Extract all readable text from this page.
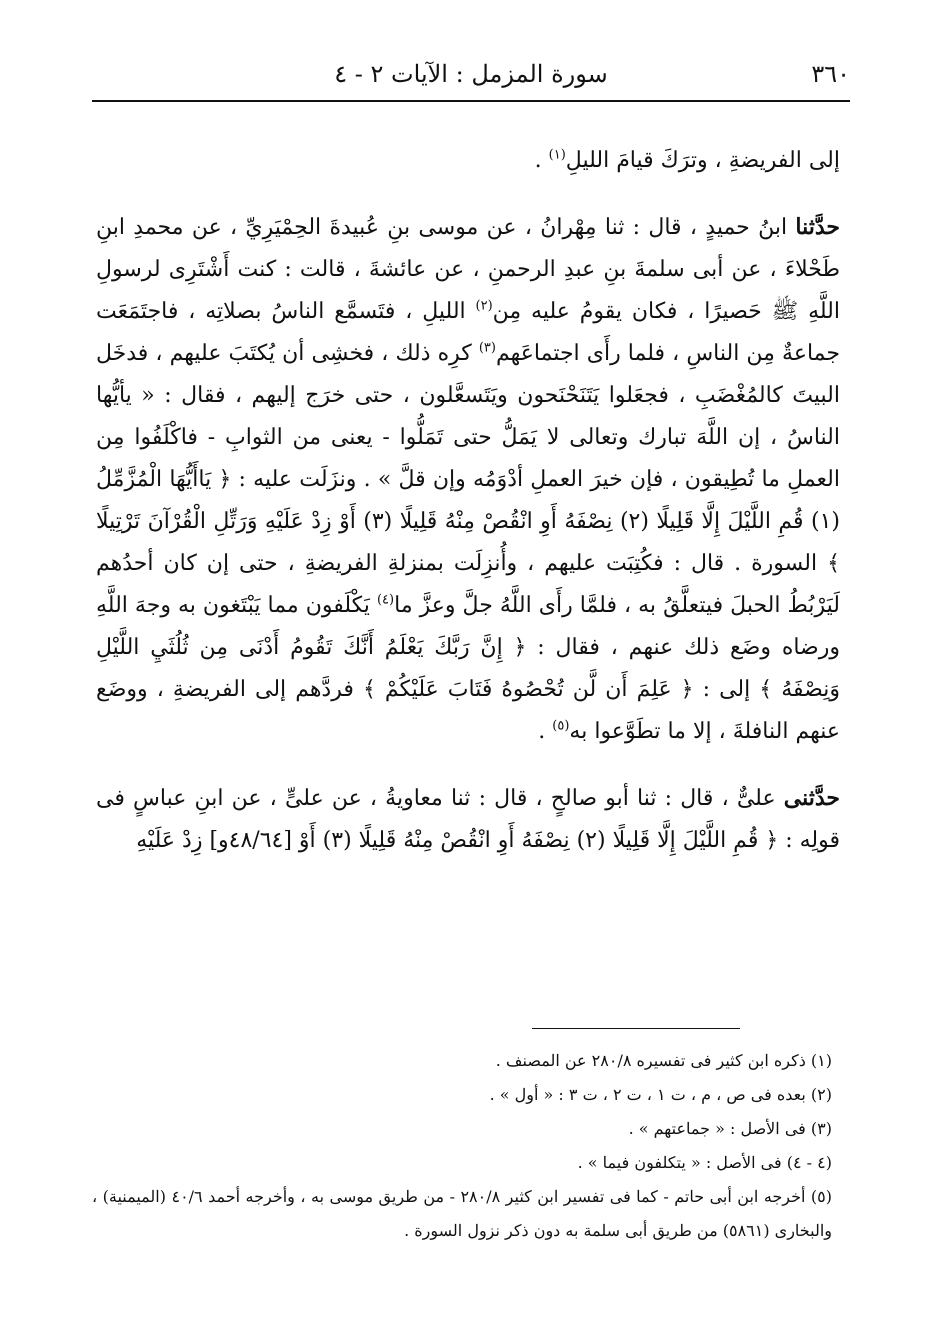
٣٦٠
سورة المزمل : الآيات ٢ - ٤

إلى الفريضةِ ، وترَكَ قيامَ الليلِ$^{(١)}$ .

حدَّثنا ابنُ حميدٍ ، قال : ثنا مِهْرانُ ، عن موسى بنِ عُبيدةَ الحِمْيَرِيِّ ، عن محمدِ ابنِ طَحْلاءَ ، عن أبى سلمةَ بنِ عبدِ الرحمنِ ، عن عائشةَ ، قالت : كنت أَشْتَرِى لرسولِ اللَّهِ ﷺ حَصيرًا ، فكان يقومُ عليه مِن$^{(٢)}$ الليلِ ، فتَسمَّع الناسُ بصلاتِه ، فاجتَمَعَت جماعةٌ مِن الناسِ ، فلما رأَى اجتماعَهم$^{(٣)}$ كرِه ذلك ، فخشِى أن يُكتَبَ عليهم ، فدخَل البيتَ كالمُغْضَبِ ، فجعَلوا يَتَنَحْنَحون ويَتَسعَّلون ، حتى خرَج إليهم ، فقال : « يأيُّها الناسُ ، إن اللَّهَ تبارك وتعالى لا يَمَلُّ حتى تَمَلُّوا - يعنى من الثوابِ - فاكْلَفُوا مِن العملِ ما تُطِيقون ، فإن خيرَ العملِ أدْوَمُه وإن قلَّ » . ونزَلَت عليه : ﴿ يَاأَيُّهَا الْمُزَّمِّلُ (١) قُمِ اللَّيْلَ إِلَّا قَلِيلًا (٢) نِصْفَهُ أَوِ انْقُصْ مِنْهُ قَلِيلًا (٣) أَوْ زِدْ عَلَيْهِ وَرَتِّلِ الْقُرْآنَ تَرْتِيلًا ﴾ السورة . قال : فكُتِبَت عليهم ، وأُنزِلَت بمنزلةِ الفريضةِ ، حتى إن كان أحدُهم لَيَرْبُطُ الحبلَ فيتعلَّقُ به ، فلمَّا رأَى اللَّهُ جلَّ وعزَّ ما$^{(٤)}$ يَكْلَفون مما يَبْتَغون به وجهَ اللَّهِ ورضاه وضَع ذلك عنهم ، فقال : ﴿ إِنَّ رَبَّكَ يَعْلَمُ أَنَّكَ تَقُومُ أَدْنَى مِن ثُلُثَيِ اللَّيْلِ وَنِصْفَهُ ﴾ إلى : ﴿ عَلِمَ أَن لَّن تُحْصُوهُ فَتَابَ عَلَيْكُمْ ﴾ فردَّهم إلى الفريضةِ ، ووضَع عنهم النافلةَ ، إلا ما تطَوَّعوا به$^{(٥)}$ .

حدَّثنى علىٌّ ، قال : ثنا أبو صالحٍ ، قال : ثنا معاويةُ ، عن علىٍّ ، عن ابنِ عباسٍ فى قولِه : ﴿ قُمِ اللَّيْلَ إِلَّا قَلِيلًا (٢) نِصْفَهُ أَوِ انْقُصْ مِنْهُ قَلِيلًا (٣) أَوْ [٤٨/٦٤و] زِدْ عَلَيْهِ

(١) ذكره ابن كثير فى تفسيره ٢٨٠/٨ عن المصنف .

(٢) بعده فى ص ، م ، ت ١ ، ت ٢ ، ت ٣ : « أول » .

(٣) فى الأصل : « جماعتهم » .

(٤ - ٤) فى الأصل : « يتكلفون فيما » .

(٥) أخرجه ابن أبى حاتم - كما فى تفسير ابن كثير ٢٨٠/٨ - من طريق موسى به ، وأخرجه أحمد ٤٠/٦ (الميمنية) ، والبخارى (٥٨٦١) من طريق أبى سلمة به دون ذكر نزول السورة .
